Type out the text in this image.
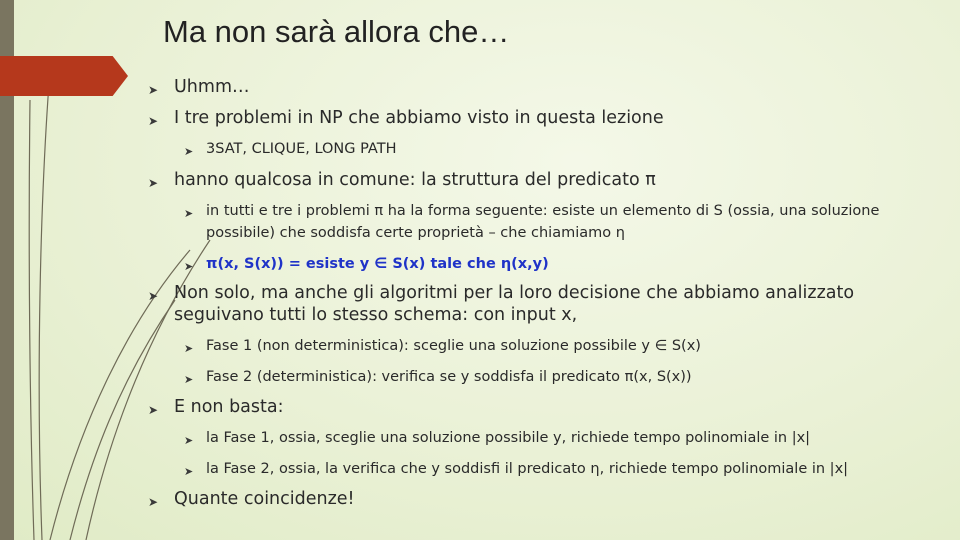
Ma non sarà allora che…
➤ Uhmm…
➤ I tre problemi in NP che abbiamo visto in questa lezione
➤ 3SAT, CLIQUE, LONG PATH
➤ hanno qualcosa in comune: la struttura del predicato π
➤ in tutti e tre i problemi π ha la forma seguente: esiste un elemento di S (ossia, una soluzione possibile) che soddisfa certe proprietà – che chiamiamo η
➤ π(x, S(x)) = esiste y ∈ S(x) tale che η(x,y)
➤ Non solo, ma anche gli algoritmi per la loro decisione che abbiamo analizzato seguivano tutti lo stesso schema: con input x,
➤ Fase 1 (non deterministica): sceglie una soluzione possibile y ∈ S(x)
➤ Fase 2 (deterministica): verifica se y soddisfa il predicato π(x, S(x))
➤ E non basta:
➤ la Fase 1, ossia, sceglie una soluzione possibile y, richiede tempo polinomiale in |x|
➤ la Fase 2, ossia, la verifica che y soddisfi il predicato η, richiede tempo polinomiale in |x|
➤ Quante coincidenze!
